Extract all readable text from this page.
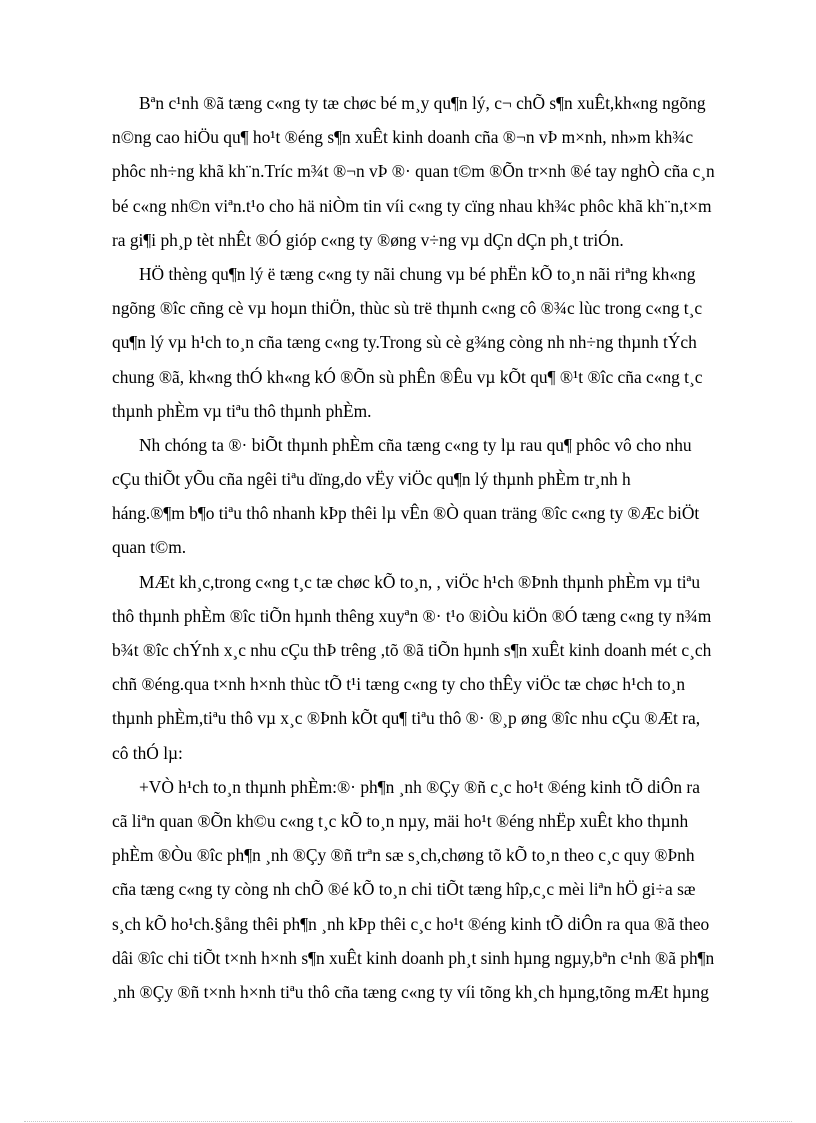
Bªn c¹nh ®ã tæng c«ng ty tæ chøc bé m¸y qu¶n lý, c¬ chÕ s¶n xuÊt,kh«ng ngõng
n©ng cao hiÖu qu¶ ho¹t ®éng s¶n xuÊt kinh doanh cña ®¬n vÞ m×nh, nh»m kh¾c
phôc nh÷ng khã kh¨n.Tríc m¾t ®¬n vÞ ®· quan t©m ®Õn tr×nh ®é tay nghÒ cña c¸n
bé c«ng nh©n viªn.t¹o cho hä niÒm tin víi c«ng ty cïng nhau kh¾c phôc khã kh¨n,t×m
ra gi¶i ph¸p tèt nhÊt ®Ó gióp c«ng ty ®øng v÷ng vµ dÇn dÇn ph¸t triÓn.
HÖ thèng qu¶n lý ë tæng c«ng ty nãi chung vµ bé phËn kÕ to¸n nãi riªng kh«ng
ngõng ®îc cñng cè vµ hoµn thiÖn, thùc sù trë thµnh c«ng cô ®¾c lùc trong c«ng t¸c
qu¶n lý vµ h¹ch to¸n cña tæng c«ng ty.Trong sù cè g¾ng còng nh nh÷ng thµnh tÝch
chung ®ã, kh«ng thÓ kh«ng kÓ ®Õn sù phÊn ®Êu vµ kÕt qu¶ ®¹t ®îc cña c«ng t¸c
thµnh phÈm vµ tiªu thô thµnh phÈm.
Nh chóng ta ®· biÕt thµnh phÈm cña tæng c«ng ty lµ rau qu¶ phôc vô cho nhu
cÇu thiÕt yÕu cña ngêi tiªu dïng,do vËy viÖc qu¶n lý thµnh phÈm tr¸nh h
háng.®¶m b¶o tiªu thô nhanh kÞp thêi lµ vÊn ®Ò quan träng ®îc c«ng ty ®Æc biÖt
quan t©m.
MÆt kh¸c,trong c«ng t¸c tæ chøc kÕ to¸n, , viÖc h¹ch ®Þnh thµnh phÈm vµ tiªu
thô thµnh phÈm ®îc tiÕn hµnh thêng xuyªn ®· t¹o ®iÒu kiÖn ®Ó tæng c«ng ty n¾m
b¾t ®îc chÝnh x¸c nhu cÇu thÞ trêng ,tõ ®ã tiÕn hµnh s¶n xuÊt kinh doanh mét c¸ch
chñ ®éng.qua t×nh h×nh thùc tÕ t¹i tæng c«ng ty cho thÊy viÖc tæ chøc h¹ch to¸n
thµnh phÈm,tiªu thô vµ x¸c ®Þnh kÕt qu¶ tiªu thô ®· ®¸p øng ®îc nhu cÇu ®Æt ra,
cô thÓ lµ:
+VÒ h¹ch to¸n thµnh phÈm:®· ph¶n ¸nh ®Çy ®ñ c¸c ho¹t ®éng kinh tÕ diÔn ra
cã liªn quan ®Õn kh©u c«ng t¸c kÕ to¸n nµy, mäi ho¹t ®éng nhËp xuÊt kho thµnh
phÈm ®Òu ®îc ph¶n ¸nh ®Çy ®ñ trªn sæ s¸ch,chøng tõ kÕ to¸n theo c¸c quy ®Þnh
cña tæng c«ng ty còng nh chÕ ®é kÕ to¸n chi tiÕt tæng hîp,c¸c mèi liªn hÖ gi÷a sæ
s¸ch kÕ ho¹ch.§ång thêi ph¶n ¸nh kÞp thêi c¸c ho¹t ®éng kinh tÕ diÔn ra qua ®ã theo
dâi ®îc chi tiÕt t×nh h×nh s¶n xuÊt kinh doanh ph¸t sinh hµng ngµy,bªn c¹nh ®ã ph¶n
¸nh ®Çy ®ñ t×nh h×nh tiªu thô cña tæng c«ng ty víi tõng kh¸ch hµng,tõng mÆt hµng
